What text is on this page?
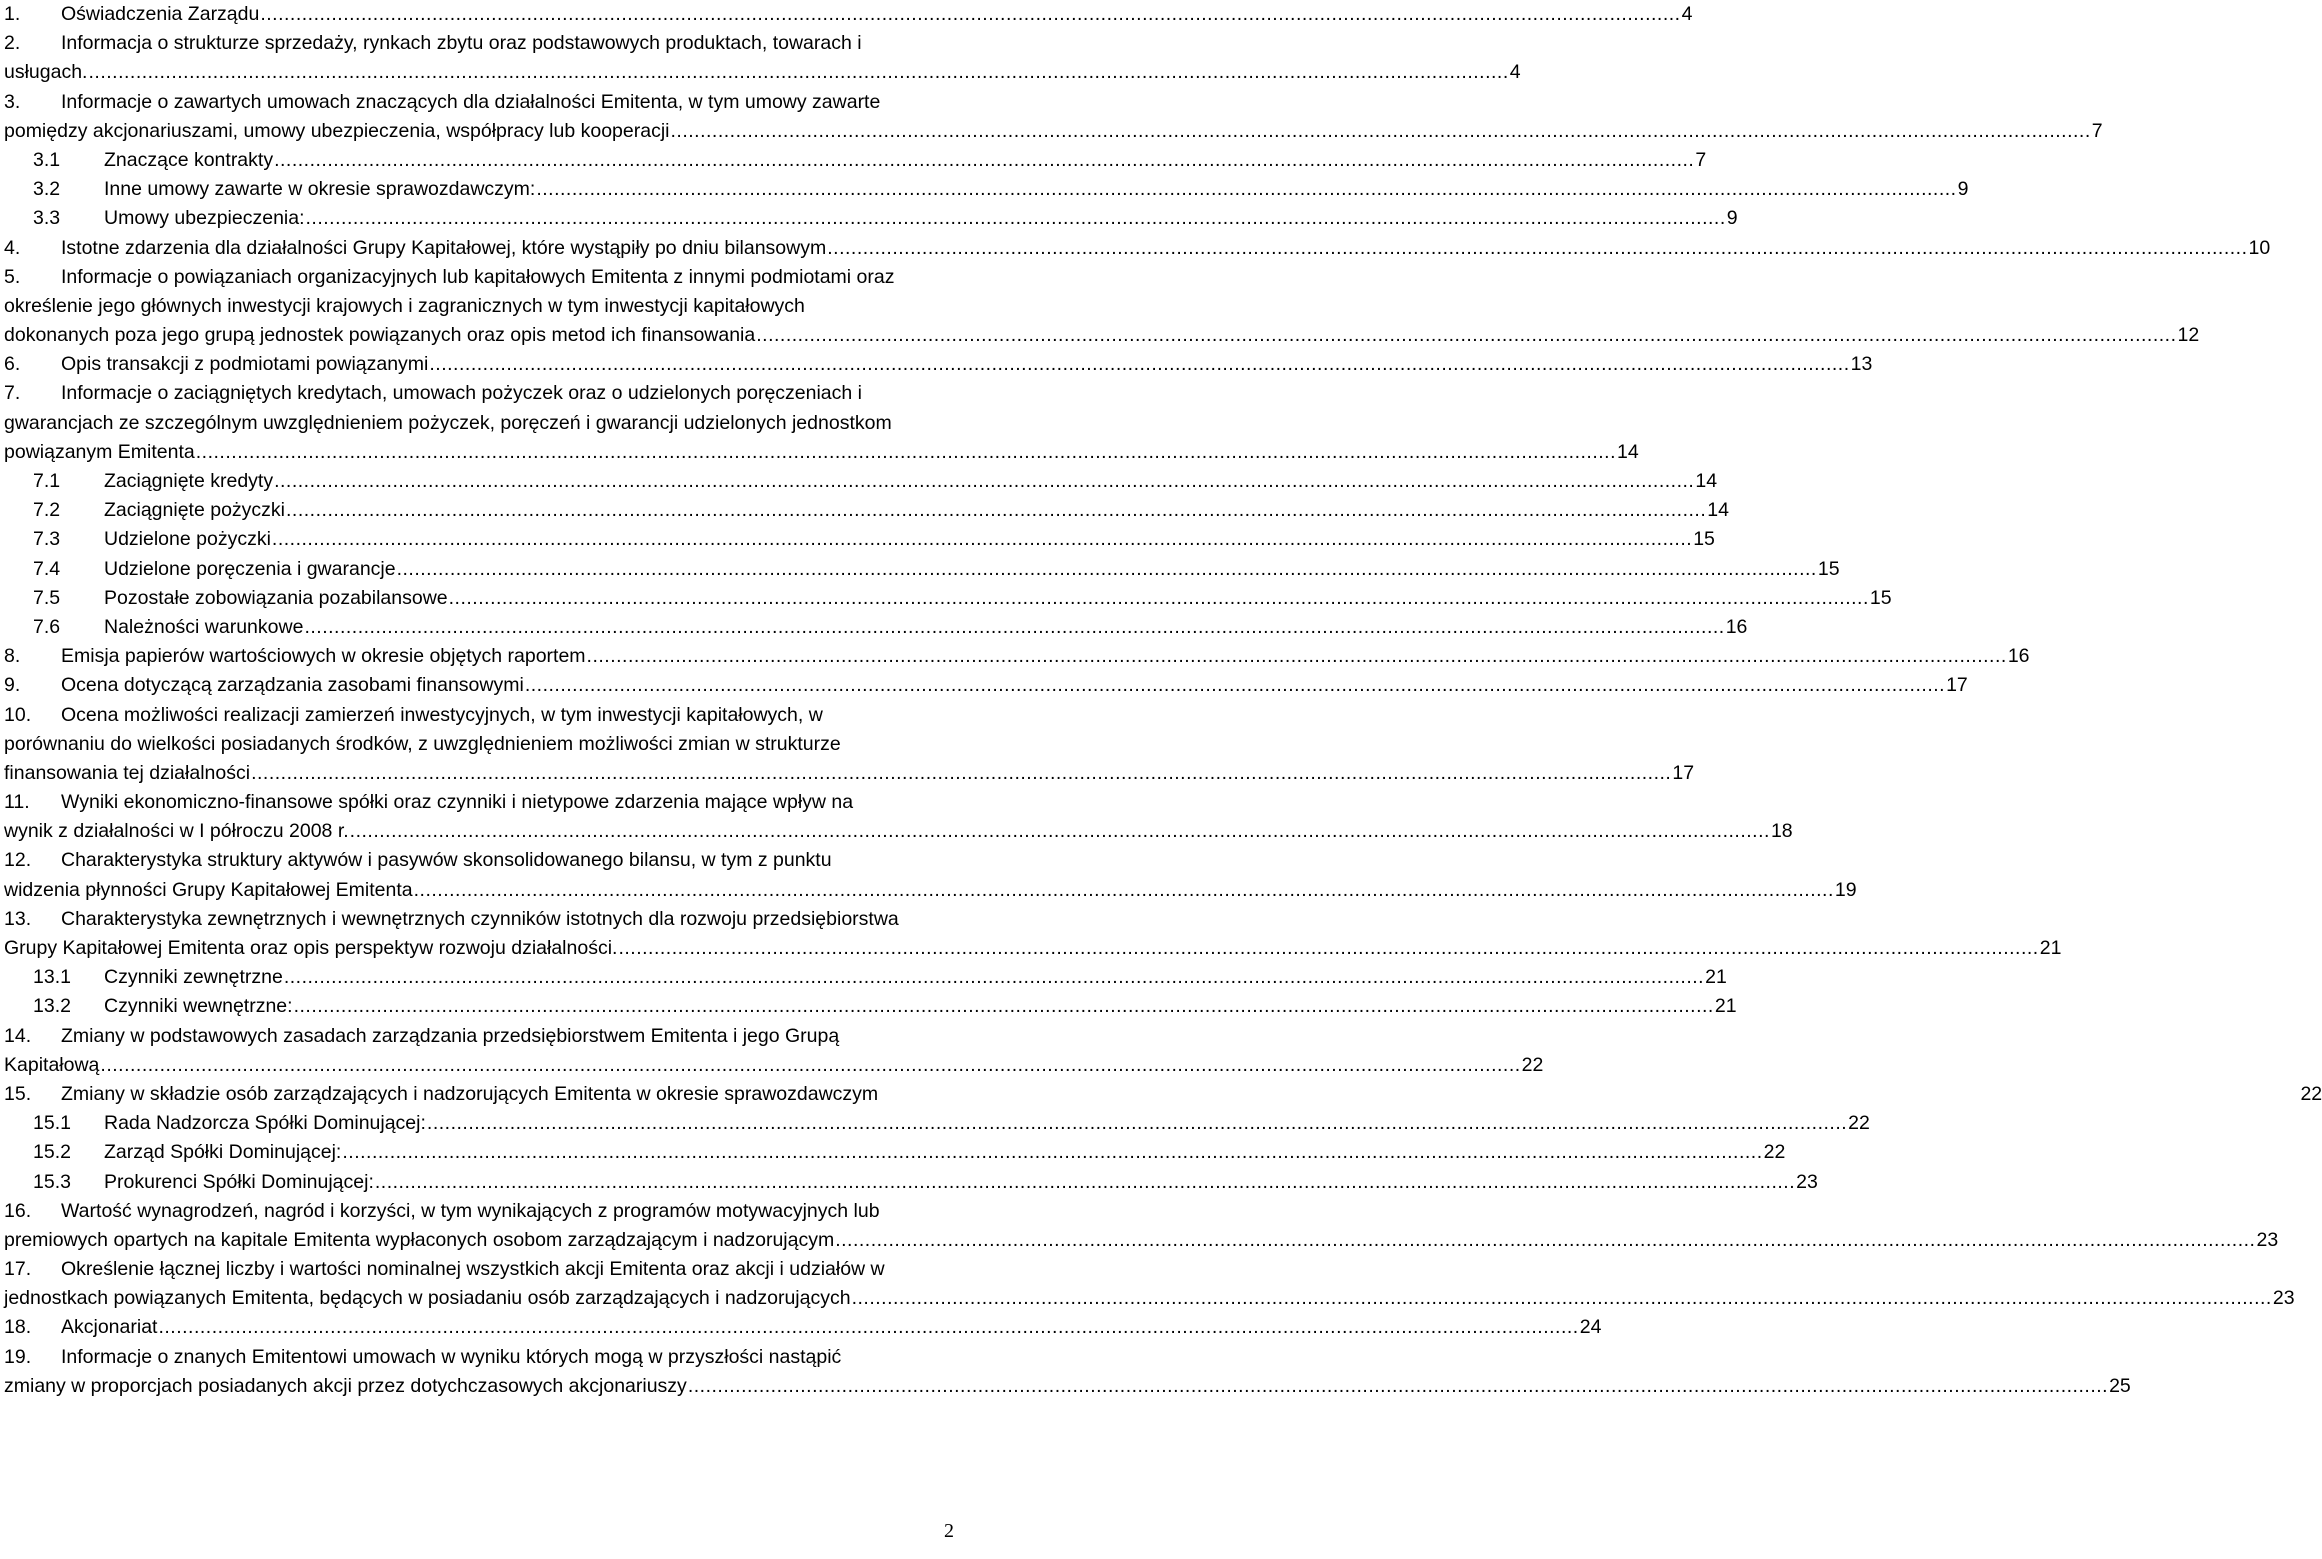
1. Oświadczenia Zarządu .....	4
2. Informacja o strukturze sprzedaży, rynkach zbytu oraz podstawowych produktach, towarach i
usługach. .....	4
3. Informacje o zawartych umowach znaczących dla działalności Emitenta, w tym umowy zawarte
pomiędzy akcjonariuszami, umowy ubezpieczenia, współpracy lub kooperacji .....	7
3.1 Znaczące kontrakty .....	7
3.2 Inne umowy zawarte w okresie sprawozdawczym: .....	9
3.3 Umowy ubezpieczenia: .....	9
4. Istotne zdarzenia dla działalności Grupy Kapitałowej, które wystąpiły po dniu bilansowym .....	10
5. Informacje o powiązaniach organizacyjnych lub kapitałowych Emitenta z innymi podmiotami oraz
określenie jego głównych inwestycji krajowych i zagranicznych w tym inwestycji kapitałowych
dokonanych poza jego grupą jednostek powiązanych oraz opis metod ich finansowania .....	12
6. Opis transakcji z podmiotami powiązanymi .....	13
7. Informacje o zaciągniętych kredytach, umowach pożyczek oraz o udzielonych poręczeniach i
gwarancjach ze szczególnym uwzględnieniem pożyczek, poręczeń i gwarancji udzielonych jednostkom
powiązanym Emitenta .....	14
7.1 Zaciągnięte kredyty .....	14
7.2 Zaciągnięte pożyczki .....	14
7.3 Udzielone pożyczki .....	15
7.4 Udzielone poręczenia i gwarancje .....	15
7.5 Pozostałe zobowiązania pozabilansowe .....	15
7.6 Należności warunkowe .....	16
8. Emisja papierów wartościowych w okresie objętych raportem .....	16
9. Ocena dotyczącą zarządzania zasobami finansowymi .....	17
10. Ocena możliwości realizacji zamierzeń inwestycyjnych, w tym inwestycji kapitałowych, w
porównaniu do wielkości posiadanych środków, z uwzględnieniem możliwości zmian w strukturze
finansowania tej działalności .....	17
11. Wyniki ekonomiczno-finansowe spółki oraz czynniki i nietypowe zdarzenia mające wpływ na
wynik z działalności w I półroczu 2008 r. .....	18
12. Charakterystyka struktury aktywów i pasywów skonsolidowanego bilansu, w tym z punktu
widzenia płynności Grupy Kapitałowej Emitenta .....	19
13. Charakterystyka zewnętrznych i wewnętrznych czynników istotnych dla rozwoju przedsiębiorstwa
Grupy Kapitałowej Emitenta oraz opis perspektyw rozwoju działalności. .....	21
13.1 Czynniki zewnętrzne .....	21
13.2 Czynniki wewnętrzne: .....	21
14. Zmiany w podstawowych zasadach zarządzania przedsiębiorstwem Emitenta i jego Grupą
Kapitałową .....	22
15. Zmiany w składzie osób zarządzających i nadzorujących Emitenta w okresie sprawozdawczym	22
15.1 Rada Nadzorcza Spółki Dominującej: .....	22
15.2 Zarząd Spółki Dominującej: .....	22
15.3 Prokurenci Spółki Dominującej: .....	23
16. Wartość wynagrodzeń, nagród i korzyści, w tym wynikających z programów motywacyjnych lub
premiowych opartych na kapitale Emitenta wypłaconych osobom zarządzającym i nadzorującym .....	23
17. Określenie łącznej liczby i wartości nominalnej wszystkich akcji Emitenta oraz akcji i udziałów w
jednostkach powiązanych Emitenta, będących w posiadaniu osób zarządzających i nadzorujących .....	23
18. Akcjonariat .....	24
19. Informacje o znanych Emitentowi umowach w wyniku których mogą w przyszłości nastąpić
zmiany w proporcjach posiadanych akcji przez dotychczasowych akcjonariuszy .....	25
2
